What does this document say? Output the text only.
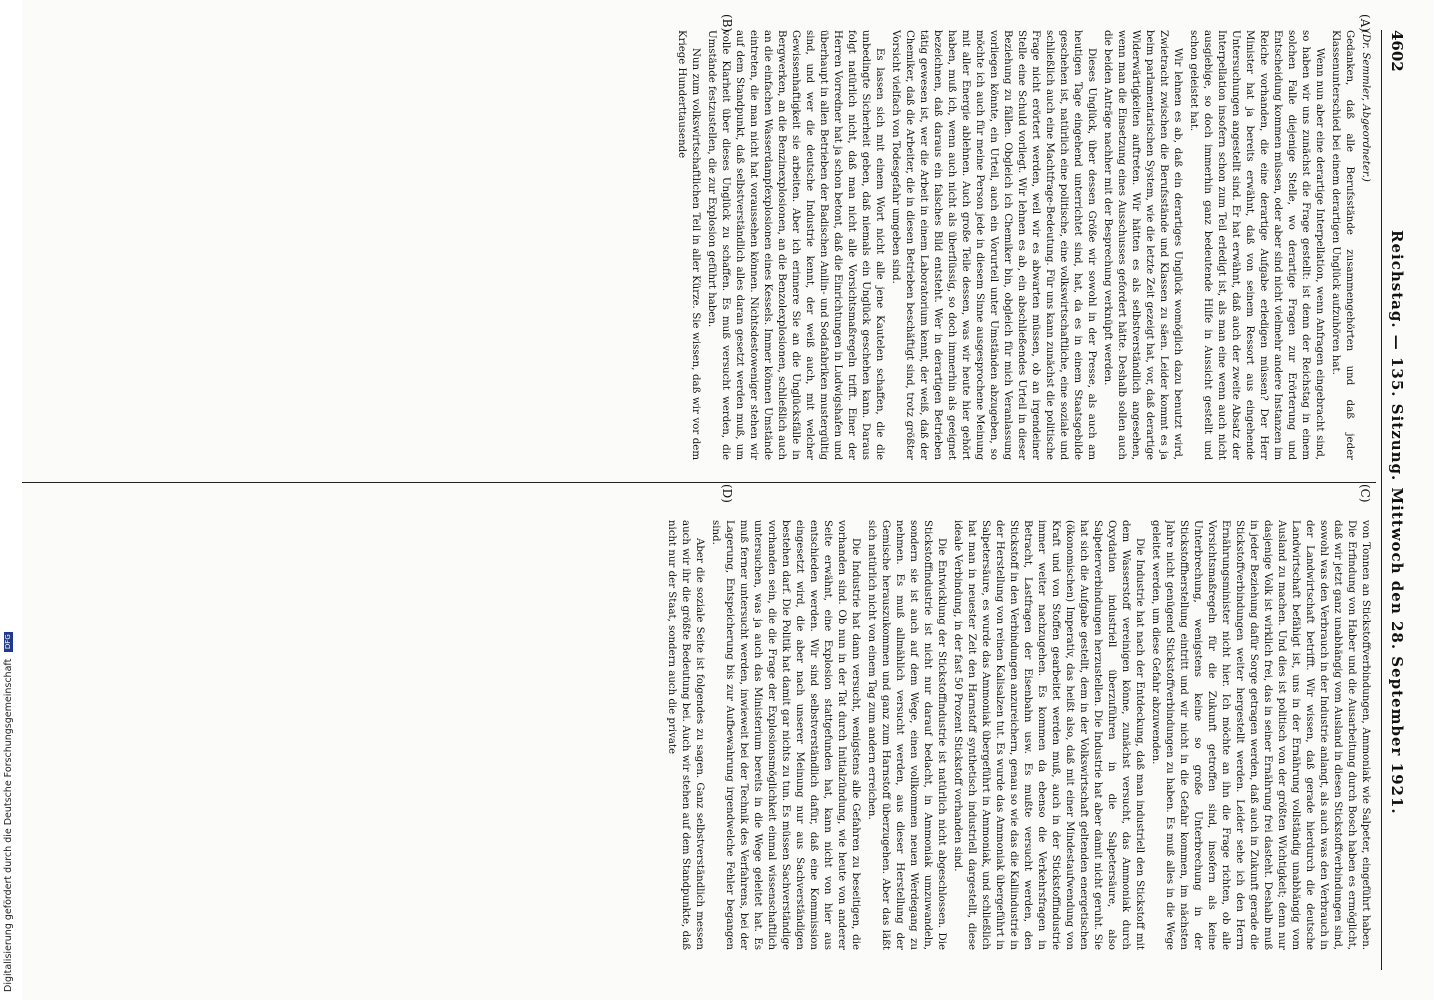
4602
Reichstag. — 135. Sitzung. Mittwoch den 28. September 1921.
(A)
(B)
(C)
(D)

(Dr. Semmler, Abgeordneter.)

Gedanken, daß alle Berufsstände zusammengehörten und daß jeder Klassenunterschied bei einem derartigen Unglück aufzuhören hat.

Wenn nun aber eine derartige Interpellation, wenn Anfragen eingebracht sind, so haben wir uns zunächst die Frage gestellt: ist denn der Reichstag in einem solchen Falle diejenige Stelle, wo derartige Fragen zur Erörterung und Entscheidung kommen müssen, oder aber sind nicht vielmehr andere Instanzen im Reiche vorhanden, die eine derartige Aufgabe erledigen müssen? Der Herr Minister hat ja bereits erwähnt, daß von seinem Ressort aus eingehende Untersuchungen angestellt sind. Er hat erwähnt, daß auch der zweite Absatz der Interpellation insofern schon zum Teil erledigt ist, als man eine wenn auch nicht ausgiebige, so doch immerhin ganz bedeutende Hilfe in Aussicht gestellt und schon geleistet hat.

Wir lehnen es ab, daß ein derartiges Unglück womöglich dazu benutzt wird, Zwietracht zwischen die Berufsstände und Klassen zu säen. Leider kommt es ja beim parlamentarischen System, wie die letzte Zeit gezeigt hat, vor, daß derartige Widerwärtigkeiten auftreten. Wir hätten es als selbstverständlich angesehen, wenn man die Einsetzung eines Ausschusses gefordert hätte. Deshalb sollen auch die beiden Anträge nachher mit der Besprechung verknüpft werden.

Dieses Unglück, über dessen Größe wir sowohl in der Presse, als auch am heutigen Tage eingehend unterrichtet sind, hat, da es in einem Staatsgebilde geschehen ist, natürlich eine politische, eine volkswirtschaftliche, eine soziale und schließlich auch eine Machtfrage-Bedeutung. Für uns kann zunächst die politische Frage nicht erörtert werden, weil wir es abwarten müssen, ob an irgendeiner Stelle eine Schuld vorliegt. Wir lehnen es ab, ein abschließendes Urteil in dieser Beziehung zu fällen. Obgleich ich Chemiker bin, obgleich für mich Veranlassung vorliegen könnte, ein Urteil, auch ein Vorurteil unter Umständen abzugeben, so möchte ich auch für meine Person jede in diesem Sinne ausgesprochene Meinung mit aller Energie ablehnen. Auch große Teile dessen, was wir heute hier gehört haben, muß ich, wenn auch nicht als überflüssig, so doch immerhin als geeignet bezeichnen, daß daraus ein falsches Bild entsteht. Wer in derartigen Betrieben tätig gewesen ist, wer die Arbeit in einem Laboratorium kennt, der weiß, daß der Chemiker, daß die Arbeiter, die in diesen Betrieben beschäftigt sind, trotz größter Vorsicht vielfach von Todesgefahr umgeben sind.

Es lassen sich mit einem Wort nicht alle jene Kautelen schaffen, die die unbedingte Sicherheit geben, daß niemals ein Unglück geschehen kann. Daraus folgt natürlich nicht, daß man nicht alle Vorsichtsmaßregeln trifft. Einer der Herren Vorredner hat ja schon betont, daß die Einrichtungen in Ludwigshafen und überhaupt in allen Betrieben der Badischen Anilin- und Sodafabriken mustergültig sind, und wer die deutsche Industrie kennt, der weiß auch, mit welcher Gewissenhaftigkeit sie arbeiten. Aber ich erinnere Sie an die Unglücksfälle in Bergwerken, an die Benzinexplosionen, an die Benzolexplosionen, schließlich auch an die einfachen Wasserdampfexplosionen eines Kessels. Immer können Umstände eintreten, die man nicht hat voraussehen können. Nichtsdestoweniger stehen wir auf dem Standpunkt, daß selbstverständlich alles daran gesetzt werden muß, um volle Klarheit über dieses Unglück zu schaffen. Es muß versucht werden, die Umstände festzustellen, die zur Explosion geführt haben.

Nun zum volkswirtschaftlichen Teil in aller Kürze. Sie wissen, daß wir vor dem Kriege Hunderttausende

von Tonnen an Stickstoffverbindungen, Ammoniak wie Salpeter, eingeführt haben. Die Erfindung von Haber und die Ausarbeitung durch Bosch haben es ermöglicht, daß wir jetzt ganz unabhängig vom Ausland in diesen Stickstoffverbindungen sind, sowohl was den Verbrauch in der Industrie anlangt, als auch was den Verbrauch in der Landwirtschaft betrifft. Wir wissen, daß gerade hierdurch die deutsche Landwirtschaft befähigt ist, uns in der Ernährung vollständig unabhängig vom Ausland zu machen. Und dies ist politisch von der größten Wichtigkeit; denn nur dasjenige Volk ist wirklich frei, das in seiner Ernährung frei dasteht. Deshalb muß in jeder Beziehung dafür Sorge getragen werden, daß auch in Zukunft gerade die Stickstoffverbindungen weiter hergestellt werden. Leider sehe ich den Herrn Ernährungsminister nicht hier. Ich möchte an ihn die Frage richten, ob alle Vorsichtsmaßregeln für die Zukunft getroffen sind, insofern als keine Unterbrechung, wenigstens keine so große Unterbrechung in der Stickstoffherstellung eintritt und wir nicht in die Gefahr kommen, im nächsten Jahre nicht genügend Stickstoffverbindungen zu haben. Es muß alles in die Wege geleitet werden, um diese Gefahr abzuwenden.

Die Industrie hat nach der Entdeckung, daß man industriell den Stickstoff mit dem Wasserstoff vereinigen könne, zunächst versucht, das Ammoniak durch Oxydation industriell überzuführen in die Salpetersäure, also Salpeterverbindungen herzustellen. Die Industrie hat aber damit nicht geruht. Sie hat sich die Aufgabe gestellt, dem in der Volkswirtschaft geltenden energetischen (ökonomischen) Imperativ, das heißt also, daß mit einer Mindestaufwendung von Kraft und von Stoffen gearbeitet werden muß, auch in der Stickstoffindustrie immer weiter nachzugehen. Es kommen da ebenso die Verkehrsfragen in Betracht, Lastfragen der Eisenbahn usw. Es mußte versucht werden, den Stickstoff in den Verbindungen anzureichern, genau so wie das die Kaliindustrie in der Herstellung von reinen Kalisalzen tut. Es wurde das Ammoniak übergeführt in Salpetersäure, es wurde das Ammoniak übergeführt in Ammoniak, und schließlich hat man in neuester Zeit den Harnstoff synthetisch industriell dargestellt, diese ideale Verbindung, in der fast 50 Prozent Stickstoff vorhanden sind.

Die Entwicklung der Stickstoffindustrie ist natürlich nicht abgeschlossen. Die Stickstoffindustrie ist nicht nur darauf bedacht, in Ammoniak umzuwandeln, sondern sie ist auch auf dem Wege, einen vollkommen neuen Werdegang zu nehmen. Es muß allmählich versucht werden, aus dieser Herstellung der Gemische herauszukommen und ganz zum Harnstoff überzugehen. Aber das läßt sich natürlich nicht von einem Tag zum andern erreichen.

Die Industrie hat dann versucht, wenigstens alle Gefahren zu beseitigen, die vorhanden sind. Ob nun in der Tat durch Initialzündung, wie heute von anderer Seite erwähnt, eine Explosion stattgefunden hat, kann nicht von hier aus entschieden werden. Wir sind selbstverständlich dafür, daß eine Kommission eingesetzt wird, die aber nach unserer Meinung nur aus Sachverständigen bestehen darf. Die Politik hat damit gar nichts zu tun. Es müssen Sachverständige vorhanden sein, die die Frage der Explosionsmöglichkeit einmal wissenschaftlich untersuchen, was ja auch das Ministerium bereits in die Wege geleitet hat. Es muß ferner untersucht werden, inwieweit bei der Technik des Verfahrens, bei der Lagerung, Entspeicherung bis zur Aufbewahrung irgendwelche Fehler begangen sind.

Aber die soziale Seite ist folgendes zu sagen. Ganz selbstverständlich messen auch wir ihr die größte Bedeutung bei. Auch wir stehen auf dem Standpunkte, daß nicht nur der Staat, sondern auch die private

Digitalisierung gefördert durch die Deutsche Forschungsgemeinschaft DFG
